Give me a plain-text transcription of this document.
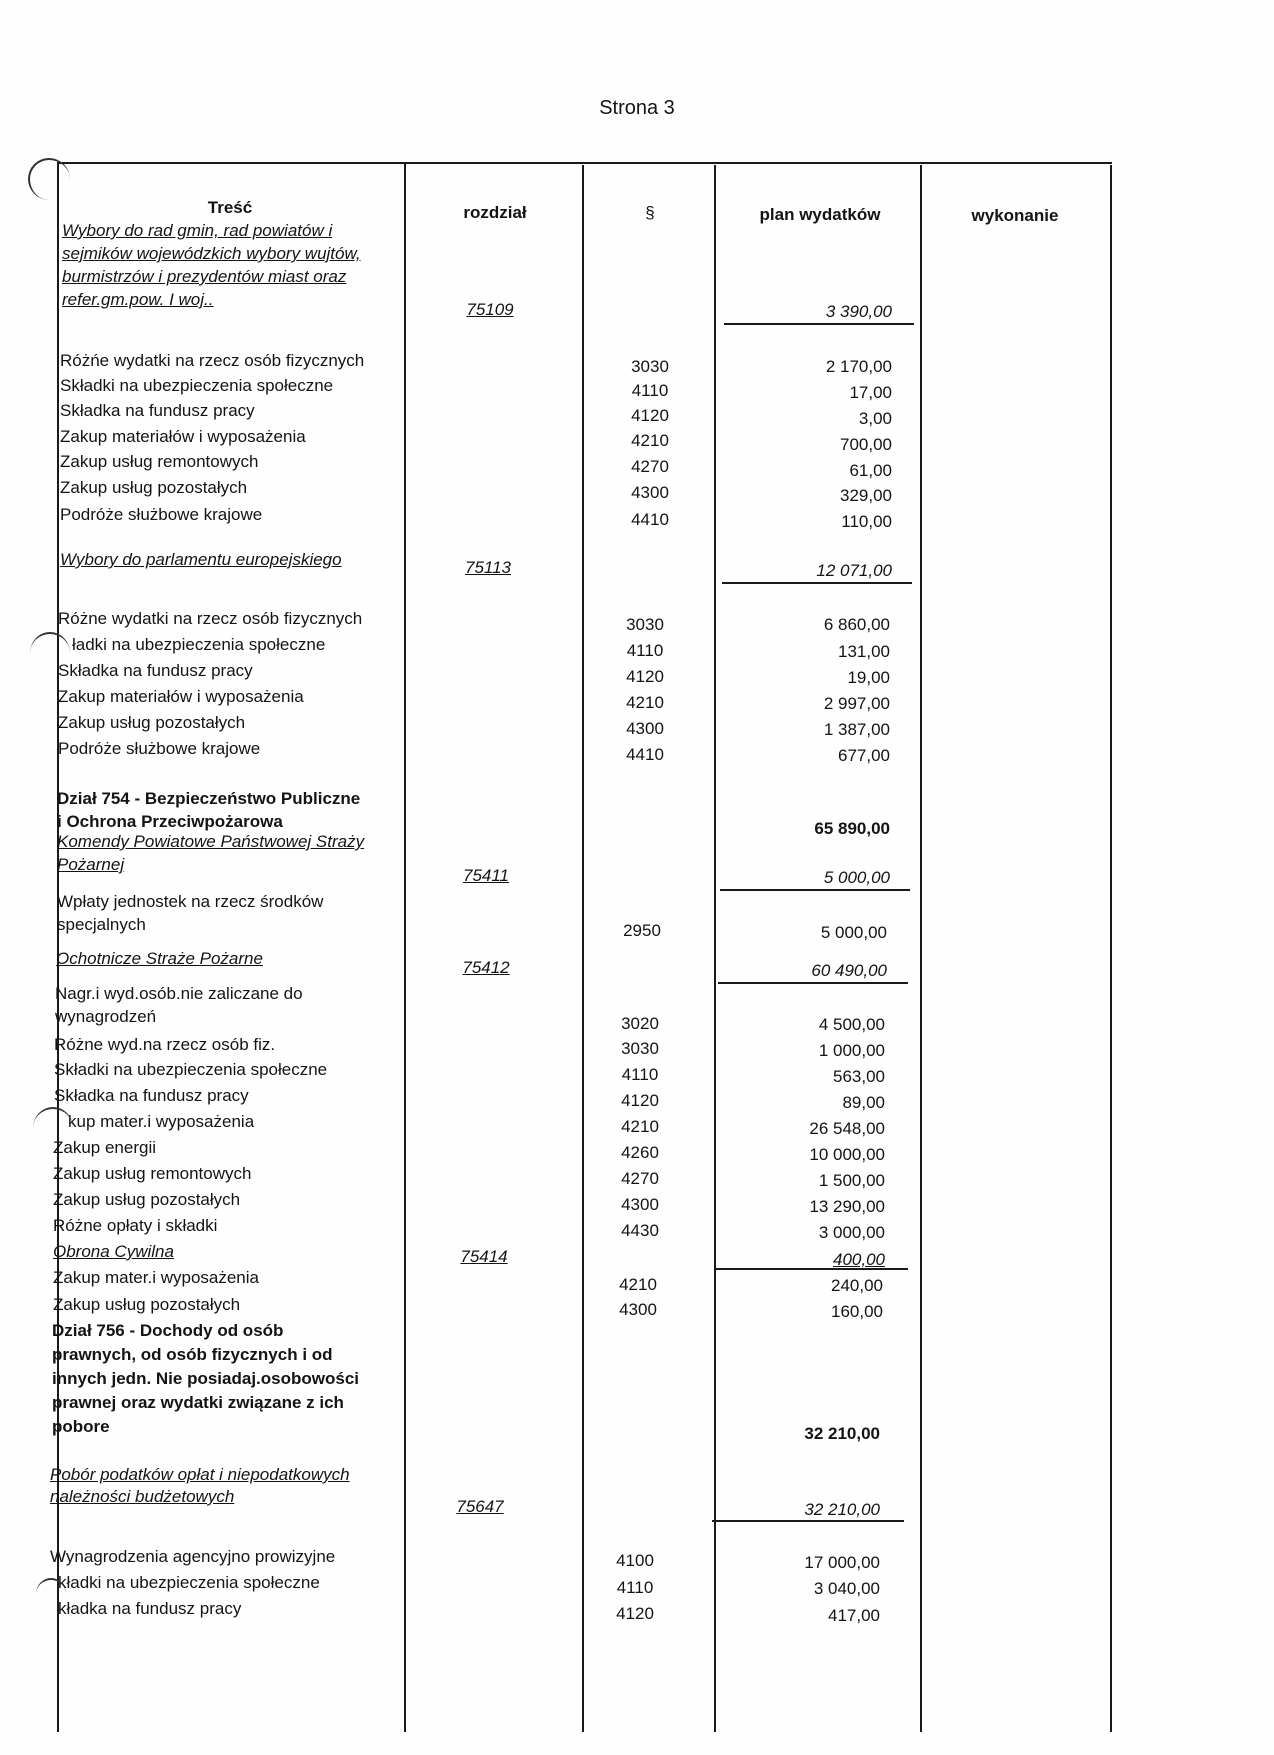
Strona 3
Treść	rozdział	§	plan wydatków	wykonanie
Wybory do rad gmin, rad powiatów i
sejmików wojewódzkich wybory wujtów,
burmistrzów i prezydentów miast oraz
refer.gm.pow. I woj..
75109	3 390,00
Różńe wydatki na rzecz osób fizycznych	3030	2 170,00
Składki na ubezpieczenia społeczne	4110	17,00
Składka na fundusz pracy	4120	3,00
Zakup materiałów i wyposażenia	4210	700,00
Zakup usług remontowych	4270	61,00
Zakup usług pozostałych	4300	329,00
Podróże służbowe krajowe	4410	110,00
Wybory do parlamentu europejskiego	75113	12 071,00
Różne wydatki na rzecz osób fizycznych	3030	6 860,00
ładki na ubezpieczenia społeczne	4110	131,00
Składka na fundusz pracy	4120	19,00
Zakup materiałów i wyposażenia	4210	2 997,00
Zakup usług pozostałych	4300	1 387,00
Podróże służbowe krajowe	4410	677,00
Dział 754 - Bezpieczeństwo Publiczne
i Ochrona Przeciwpożarowa	65 890,00
Komendy Powiatowe Państwowej Straży
Pożarnej
75411	5 000,00
Wpłaty jednostek na rzecz środków
specjalnych	2950	5 000,00
Ochotnicze Straże Pożarne	75412	60 490,00
Nagr.i wyd.osób.nie zaliczane do
wynagrodzeń	3020	4 500,00
Różne wyd.na rzecz osób fiz.	3030	1 000,00
Składki na ubezpieczenia społeczne	4110	563,00
Składka na fundusz pracy	4120	89,00
kup mater.i wyposażenia	4210	26 548,00
Zakup energii	4260	10 000,00
Zakup usług remontowych	4270	1 500,00
Zakup usług pozostałych	4300	13 290,00
Różne opłaty i składki	4430	3 000,00
Obrona Cywilna	75414	400,00
Zakup mater.i wyposażenia	4210	240,00
Zakup usług pozostałych	4300	160,00
Dział 756 - Dochody od osób
prawnych, od osób fizycznych i od
innych jedn. Nie posiadaj.osobowości
prawnej oraz wydatki związane z ich
pobore	32 210,00
Pobór podatków opłat i niepodatkowych
należności budżetowych
75647	32 210,00
Wynagrodzenia agencyjno prowizyjne	4100	17 000,00
kładki na ubezpieczenia społeczne	4110	3 040,00
kładka na fundusz pracy	4120	417,00
